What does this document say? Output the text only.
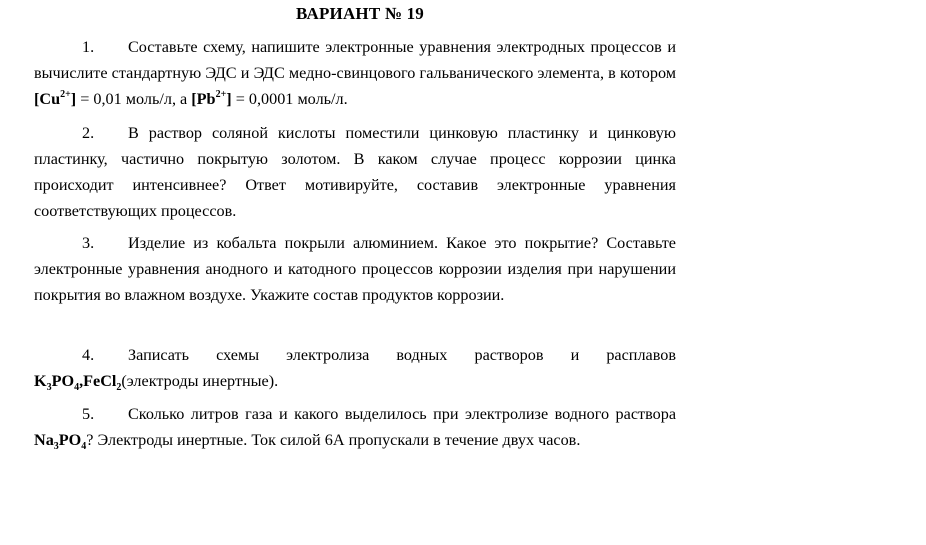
ВАРИАНТ № 19
1. Составьте схему, напишите электронные уравнения электродных процессов и вычислите стандартную ЭДС и ЭДС медно-свинцового гальванического элемента, в котором $[Cu^{2+}] = 0,01$ моль/л, а $[Pb^{2+}] = 0,0001$ моль/л.
2. В раствор соляной кислоты поместили цинковую пластинку и цинковую пластинку, частично покрытую золотом. В каком случае процесс коррозии цинка происходит интенсивнее? Ответ мотивируйте, составив электронные уравнения соответствующих процессов.
3. Изделие из кобальта покрыли алюминием. Какое это покрытие? Составьте электронные уравнения анодного и катодного процессов коррозии изделия при нарушении покрытия во влажном воздухе. Укажите состав продуктов коррозии.
4. Записать схемы электролиза водных растворов и расплавов
$K_3PO_4,FeCl_2(электроды$ инертные).
5. Сколько литров газа и какого выделилось при электролизе водного раствора $Na_3PO_4$? Электроды инертные. Ток силой 6А пропускали в течение двух часов.
